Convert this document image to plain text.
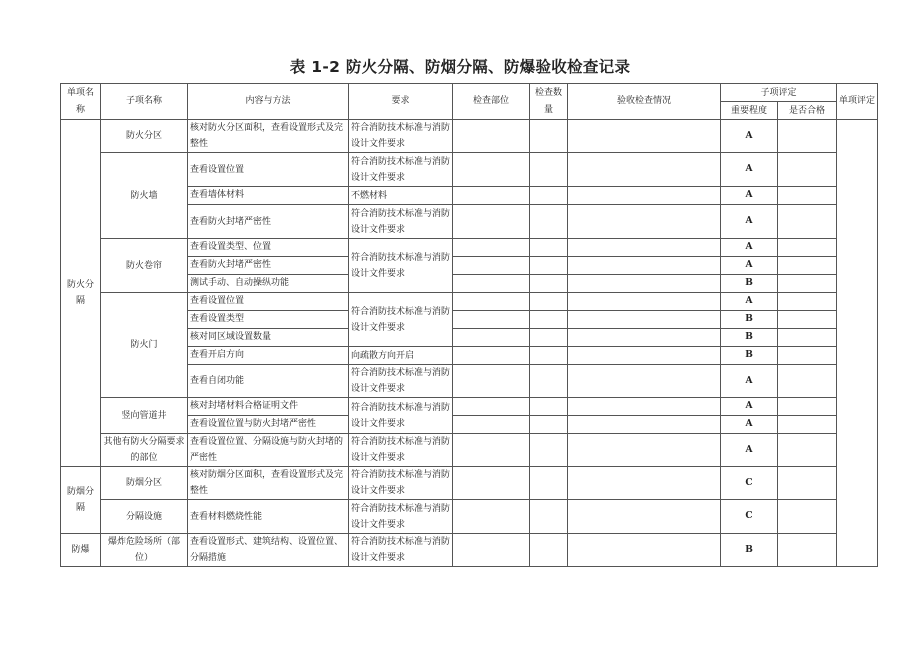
表 1-2 防火分隔、防烟分隔、防爆验收检查记录
单项名称	子项名称	内容与方法	要求	检查部位	检查数量	验收检查情况	子项评定		单项评定
							重要程度	是否合格	
防火分隔	防火分区	核对防火分区面积，查看设置形式及完整性	符合消防技术标准与消防设计文件要求				A		
	防火墙	查看设置位置	符合消防技术标准与消防设计文件要求				A		
		查看墙体材料	不燃材料				A		
		查看防火封堵严密性	符合消防技术标准与消防设计文件要求				A		
	防火卷帘	查看设置类型、位置	符合消防技术标准与消防设计文件要求				A		
		查看防火封堵严密性					A		
		测试手动、自动操纵功能					B		
	防火门	查看设置位置	符合消防技术标准与消防设计文件要求				A		
		查看设置类型					B		
		核对同区域设置数量					B		
		查看开启方向	向疏散方向开启				B		
		查看自闭功能	符合消防技术标准与消防设计文件要求				A		
	竖向管道井	核对封堵材料合格证明文件	符合消防技术标准与消防设计文件要求				A		
		查看设置位置与防火封堵严密性					A		
	其他有防火分隔要求的部位	查看设置位置、分隔设施与防火封堵的严密性	符合消防技术标准与消防设计文件要求				A		
防烟分隔	防烟分区	核对防烟分区面积，查看设置形式及完整性	符合消防技术标准与消防设计文件要求				C		
	分隔设施	查看材料燃烧性能	符合消防技术标准与消防设计文件要求				C		
防爆	爆炸危险场所（部位）	查看设置形式、建筑结构、设置位置、分隔措施	符合消防技术标准与消防设计文件要求				B		
